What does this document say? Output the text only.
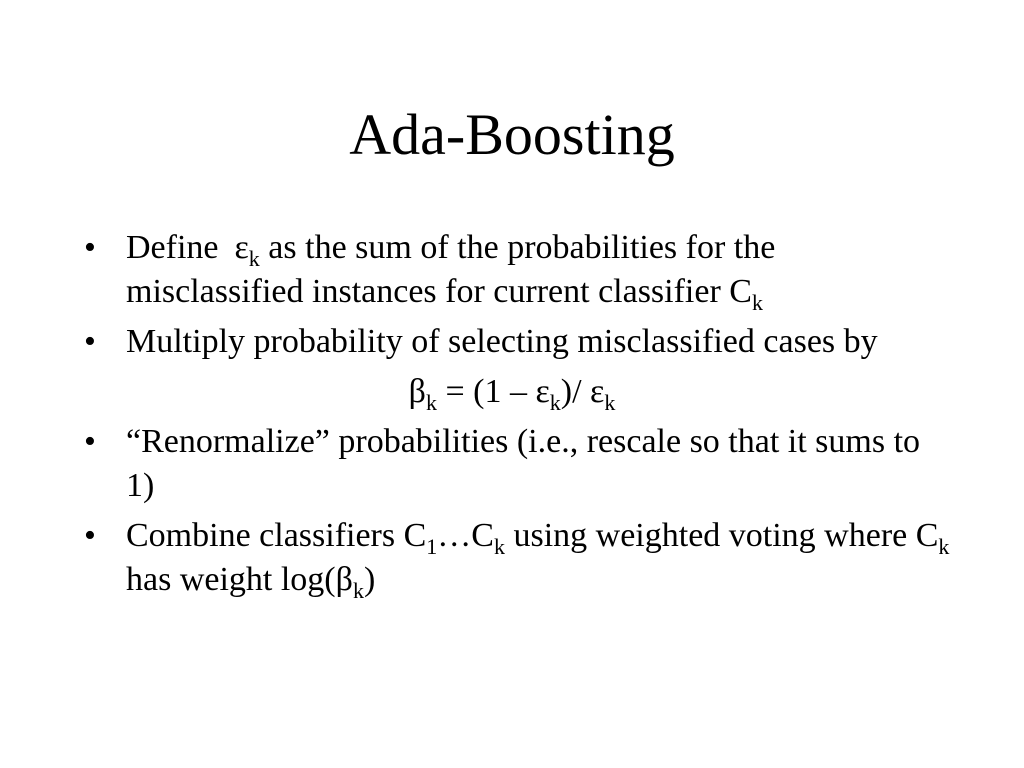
Ada-Boosting
• Define $\varepsilon_k$ as the sum of the probabilities for the misclassified instances for current classifier $C_k$
• Multiply probability of selecting misclassified cases by
$\beta_k = (1 - \varepsilon_k)/$ $\varepsilon_k$
• “Renormalize” probabilities (i.e., rescale so that it sums to 1)
• Combine classifiers $C_1\dots C_k$ using weighted voting where $C_k$ has weight $\log(\beta_k)$
